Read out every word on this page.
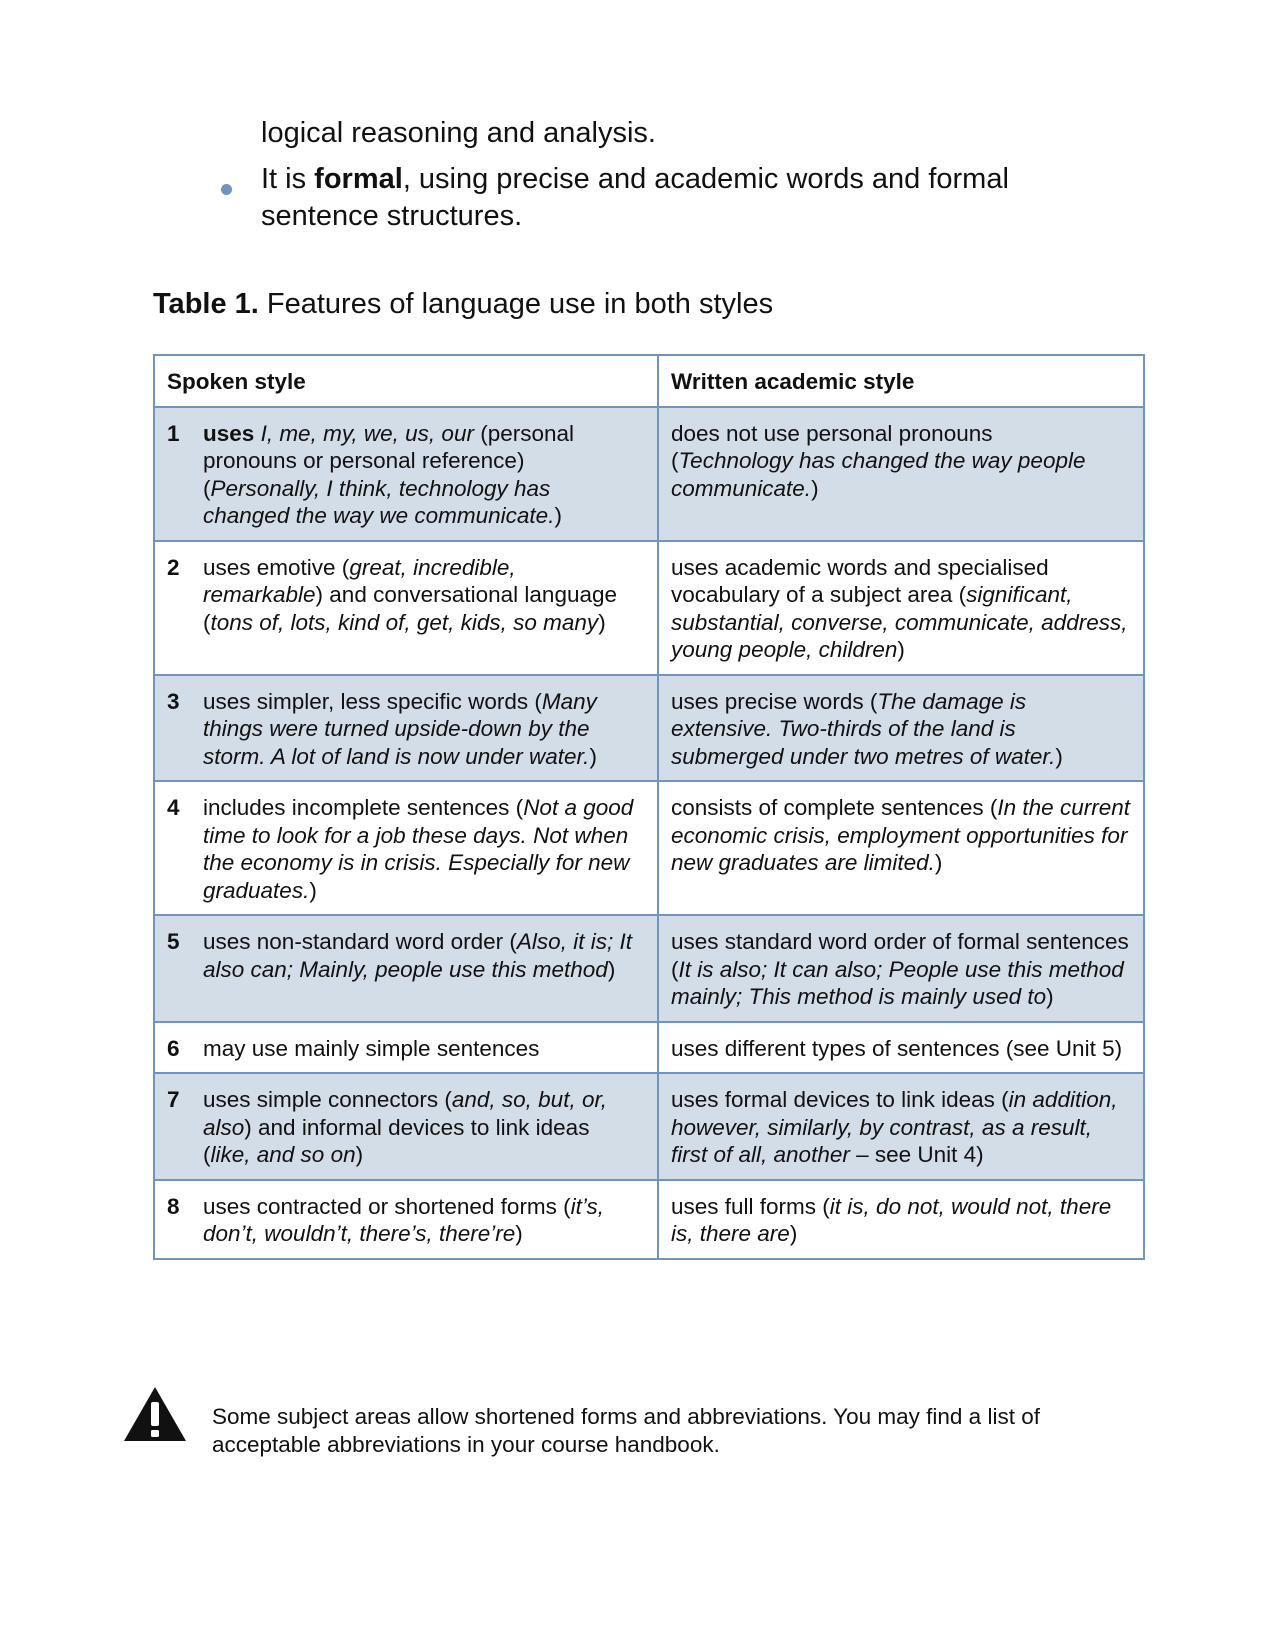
logical reasoning and analysis.
It is formal, using precise and academic words and formal
sentence structures.
Table 1. Features of language use in both styles
Spoken style	Written academic style
1 uses I, me, my, we, us, our (personal pronouns or personal reference) (Personally, I think, technology has changed the way we communicate.)	does not use personal pronouns
(Technology has changed the way people communicate.)

2 uses emotive (great, incredible, remarkable) and conversational language (tons of, lots, kind of, get, kids, so many)	uses academic words and specialised vocabulary of a subject area (significant, substantial, converse, communicate, address, young people, children)

3 uses simpler, less specific words (Many things were turned upside-down by the storm. A lot of land is now under water.)	uses precise words (The damage is extensive. Two-thirds of the land is submerged under two metres of water.)

4 includes incomplete sentences (Not a good time to look for a job these days. Not when the economy is in crisis. Especially for new graduates.)	consists of complete sentences (In the current economic crisis, employment opportunities for new graduates are limited.)

5 uses non-standard word order (Also, it is; It also can; Mainly, people use this method)	uses standard word order of formal sentences
(It is also; It can also; People use this method mainly; This method is mainly used to)

6 may use mainly simple sentences	uses different types of sentences (see Unit 5)

7 uses simple connectors (and, so, but, or, also) and informal devices to link ideas (like, and so on)	uses formal devices to link ideas (in addition, however, similarly, by contrast, as a result, first of all, another – see Unit 4)

8 uses contracted or shortened forms (it’s, don’t, wouldn’t, there’s, there’re)	uses full forms (it is, do not, would not, there is, there are)
Some subject areas allow shortened forms and abbreviations. You may find a list of acceptable abbreviations in your course handbook.
